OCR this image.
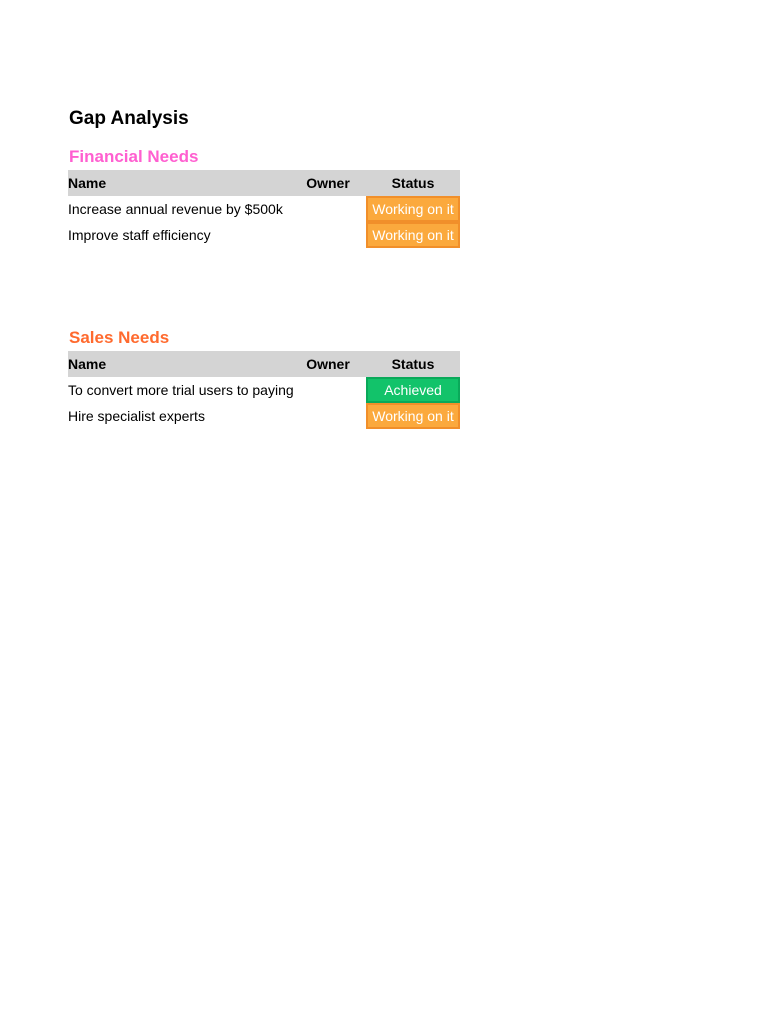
Gap Analysis
Financial Needs
Name	Owner	Status
Increase annual revenue by $500k		Working on it

Improve staff efficiency		Working on it
Sales Needs
Name	Owner	Status
To convert more trial users to paying		Achieved

Hire specialist experts		Working on it
